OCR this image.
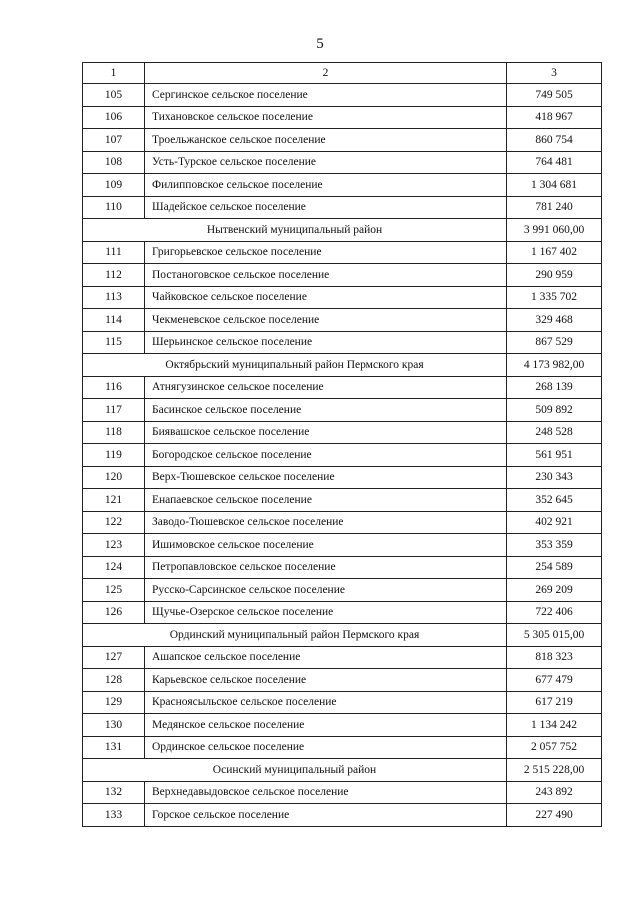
5
1	2	3
105	Сергинское сельское поселение	749 505
106	Тихановское сельское поселение	418 967
107	Троельжанское сельское поселение	860 754
108	Усть-Турское сельское поселение	764 481
109	Филипповское сельское поселение	1 304 681
110	Шадейское сельское поселение	781 240
Нытвенский муниципальный район		3 991 060,00
111	Григорьевское сельское поселение	1 167 402
112	Постаноговское сельское поселение	290 959
113	Чайковское сельское поселение	1 335 702
114	Чекменевское сельское поселение	329 468
115	Шерьинское сельское поселение	867 529
Октябрьский муниципальный район Пермского края		4 173 982,00
116	Атнягузинское сельское поселение	268 139
117	Басинское сельское поселение	509 892
118	Биявашское сельское поселение	248 528
119	Богородское сельское поселение	561 951
120	Верх-Тюшевское сельское поселение	230 343
121	Енапаевское сельское поселение	352 645
122	Заводо-Тюшевское сельское поселение	402 921
123	Ишимовское сельское поселение	353 359
124	Петропавловское сельское поселение	254 589
125	Русско-Сарсинское сельское поселение	269 209
126	Щучье-Озерское сельское поселение	722 406
Ординский муниципальный район Пермского края		5 305 015,00
127	Ашапское сельское поселение	818 323
128	Карьевское сельское поселение	677 479
129	Красноясыльское сельское поселение	617 219
130	Медянское сельское поселение	1 134 242
131	Ординское сельское поселение	2 057 752
Осинский муниципальный район		2 515 228,00
132	Верхнедавыдовское сельское поселение	243 892
133	Горское сельское поселение	227 490
